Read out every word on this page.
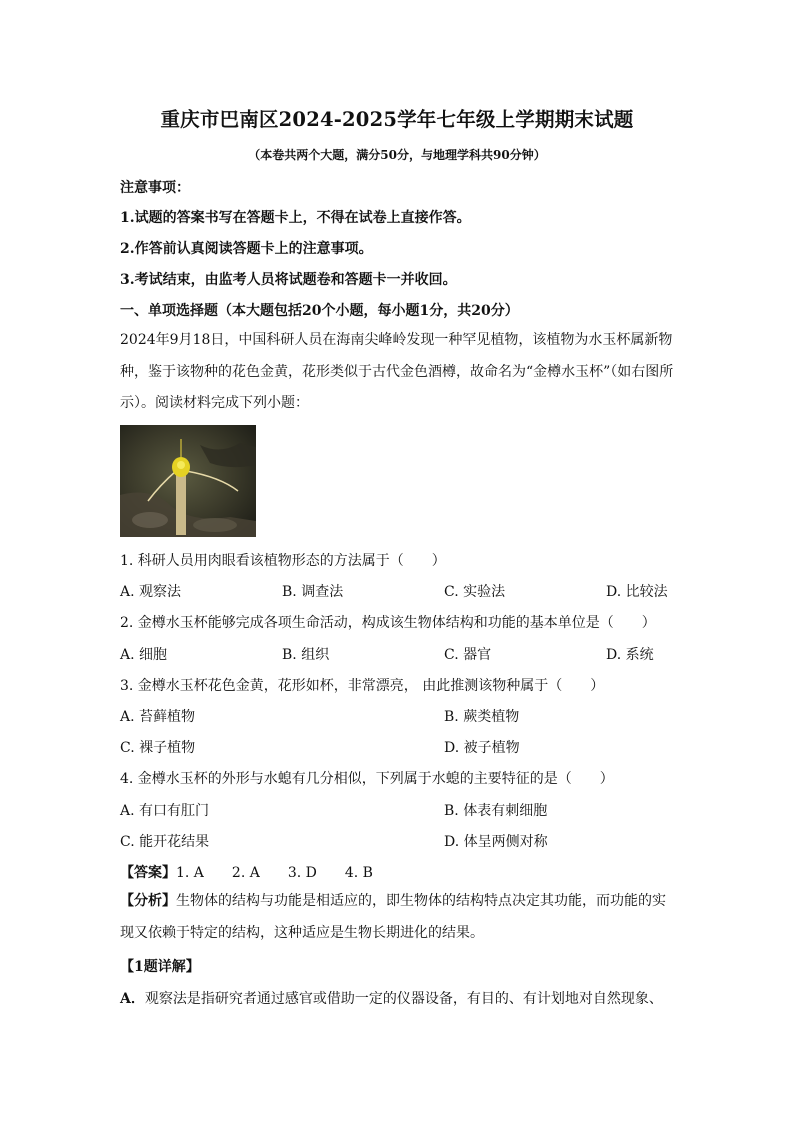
重庆市巴南区2024-2025学年七年级上学期期末试题
（本卷共两个大题，满分50分，与地理学科共90分钟）
注意事项：
1.试题的答案书写在答题卡上，不得在试卷上直接作答。
2.作答前认真阅读答题卡上的注意事项。
3.考试结束，由监考人员将试题卷和答题卡一并收回。
一、单项选择题（本大题包括20个小题，每小题1分，共20分）
2024年9月18日，中国科研人员在海南尖峰岭发现一种罕见植物，该植物为水玉杯属新物种，鉴于该物种的花色金黄，花形类似于古代金色酒樽，故命名为“金樽水玉杯”（如右图所示）。阅读材料完成下列小题：
1. 科研人员用肉眼看该植物形态的方法属于（　　）
A. 观察法	B. 调查法	C. 实验法	D. 比较法
2. 金樽水玉杯能够完成各项生命活动，构成该生物体结构和功能的基本单位是（　　）
A. 细胞	B. 组织	C. 器官	D. 系统
3. 金樽水玉杯花色金黄，花形如杯，非常漂亮， 由此推测该物种属于（　　）
A. 苔藓植物	B. 蕨类植物
C. 裸子植物	D. 被子植物
4. 金樽水玉杯的外形与水螅有几分相似，下列属于水螅的主要特征的是（　　）
A. 有口有肛门	B. 体表有刺细胞
C. 能开花结果	D. 体呈两侧对称
【答案】1. A　　2. A　　3. D　　4. B
【分析】生物体的结构与功能是相适应的，即生物体的结构特点决定其功能，而功能的实现又依赖于特定的结构，这种适应是生物长期进化的结果。
【1题详解】
A．观察法是指研究者通过感官或借助一定的仪器设备，有目的、有计划地对自然现象、
